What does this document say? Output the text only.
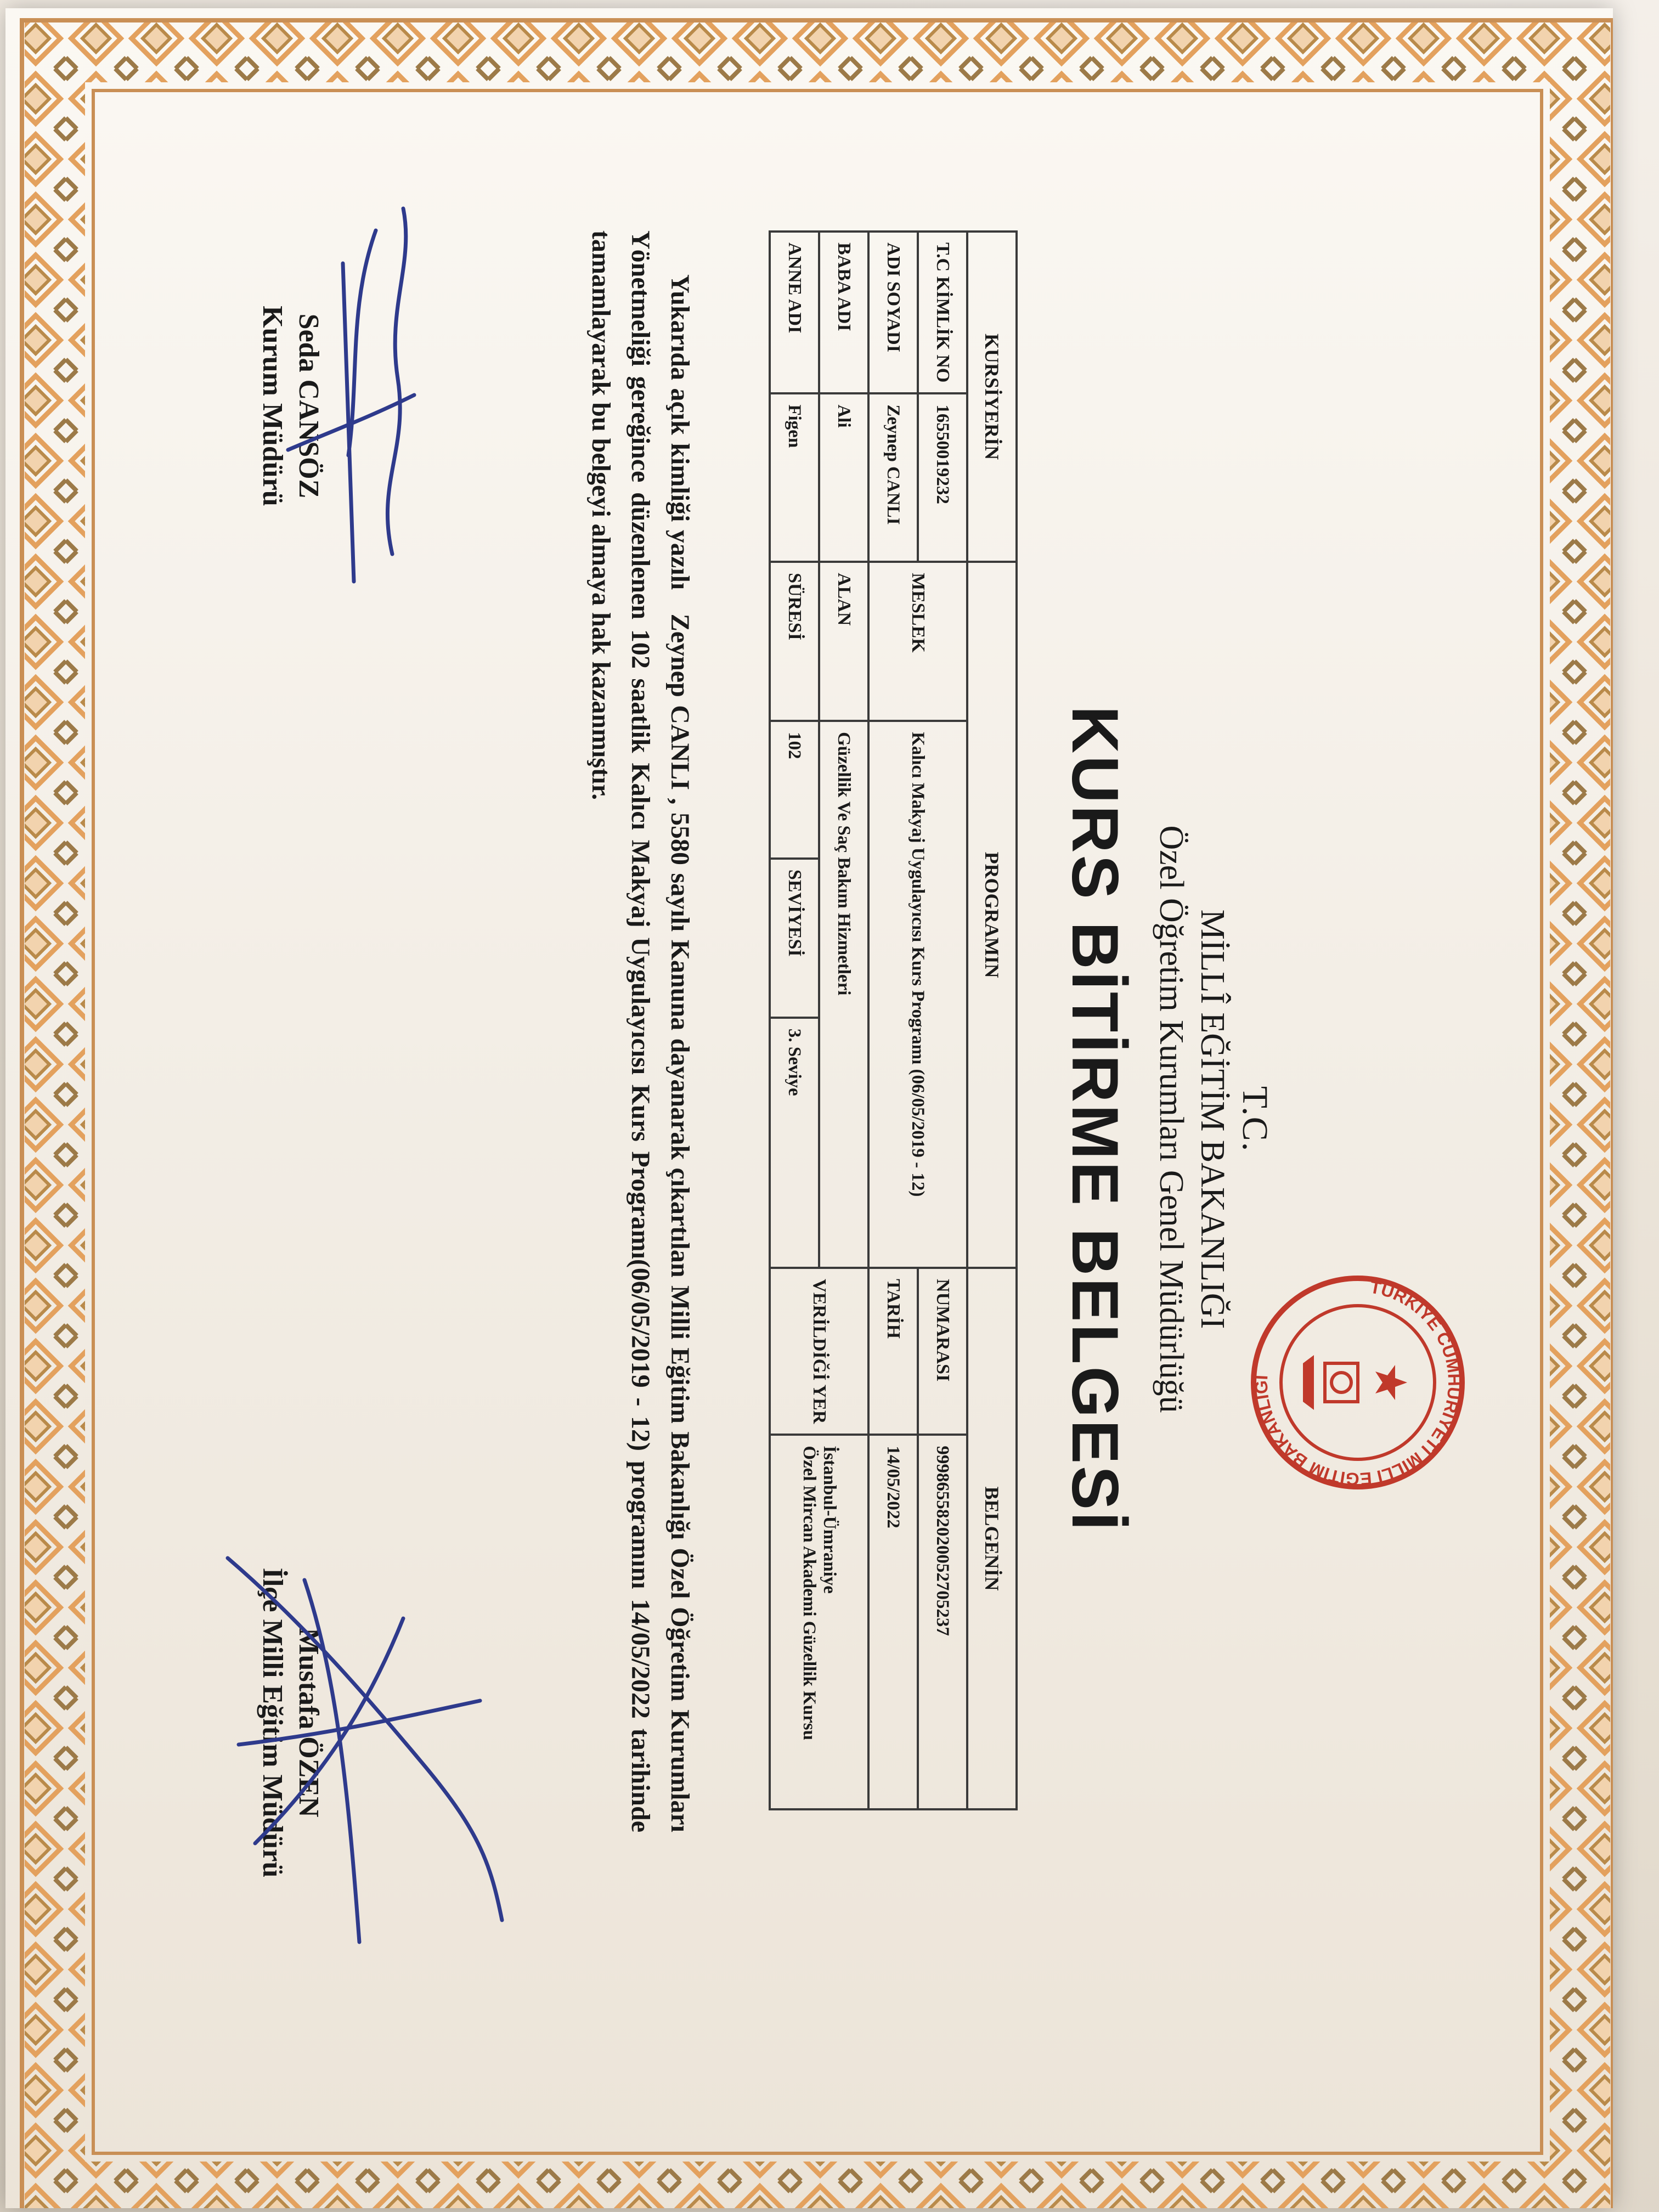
TÜRKİYE CUMHURİYETİ MİLLİ EĞİTİM BAKANLIĞI
T.C.
MİLLÎ EĞİTİM BAKANLIĞI
Özel Öğretim Kurumları Genel Müdürlüğü
KURS BİTİRME BELGESİ
KURSİYERİN		PROGRAMIN				BELGENİN	
T.C KİMLİK NO	16550019232	MESLEK	Kalıcı Makyaj Uygulayıcısı Kurs Programı (06/05/2019 - 12)			NUMARASI	9998655820200527052​37
ADI SOYADI	Zeynep CANLI					TARİH	14/05/2022
BABA ADI	Ali	ALAN	Güzellik Ve Saç Bakım Hizmetleri			VERİLDİĞİ YER	İstanbul-Ümraniye
Özel Mircan Akademi Güzellik Kursu

ANNE ADI	Figen	SÜRESİ	102	SEVİYESİ	3. Seviye		
Yukarıda açık kimliği yazılı   Zeynep CANLI , 5580 sayılı Kanuna dayanarak çıkartılan Milli Eğitim Bakanlığı Özel Öğretim Kurumları Yönetmeliği gereğince düzenlenen 102 saatlik Kalıcı Makyaj Uygulayıcısı Kurs Programı(06/05/2019 - 12) programını 14/05/2022 tarihinde tamamlayarak bu belgeyi almaya hak kazanmıştır.
Seda CANSÖZ
Kurum Müdürü
Mustafa ÖZEN
İlçe Milli Eğitim Müdürü
